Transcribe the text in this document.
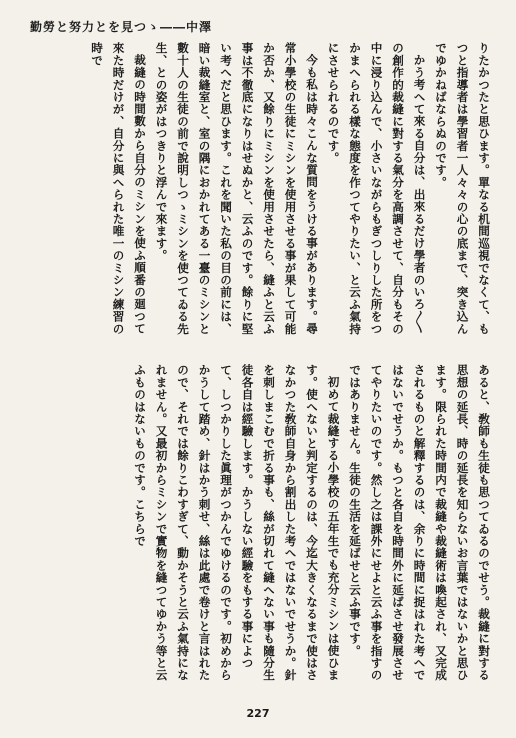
勤勞と努力とを見つゝ――中澤

りたかつたと思ひます。單なる机間巡視でなくて、もつと指導者は學習者一人々々の心の底まで、突き込んでゆかねばならぬのです。

かう考へて來る自分は、出來るだけ學者のいろ〳〵の創作的裁縫に對する氣分を高調させて、自分もその中に浸り込んで、小さいながらもぎつしりした所をつかまへられる樣な態度を作つてやりたい、と云ふ氣持にさせられるのです。

今も私は時々こんな質問をうける事があります。尋常小學校の生徒にミシンを使用させる事が果して可能か否か、又餘りにミシンを使用させたら、縫ふと云ふ事は不徹底になりはせぬかと、云ふのです。餘りに堅い考へだと思ひます。これを聞いた私の目の前には、暗い裁縫室と、室の隅におかれてある一臺のミシンと數十人の生徒の前で說明しつゝミシンを使つてゐる先生、との姿がはつきりと浮んで來ます。

裁縫の時間數から自分のミシンを使ふ順番の廻つて來た時だけが、自分に與へられた唯一のミシン練習の時で

あると、敎師も生徒も思つてゐるのでせう。裁縫に對する思想の延長、時の延長を知らないお言葉ではないかと思ひます。限られた時間内で裁縫や裁縫術は喚起され、又完成されるものと解釋するのは、余りに時間に捉はれた考へではないでせうか。もつと各自を時間外に延ばさせ發展させてやりたいのです。然し之は課外にせよと云ふ事を指すのではありません。生徒の生活を延ばせと云ふ事です。

初めて裁縫する小學校の五年生でも充分ミシンは使ひます。使へないと判定するのは、今迄大きくなるまで使はさなかつた敎師自身から割出した考へではないでせうか。針を刺しまこむで折る事も、絲が切れて縫へない事も隨分生徒各自は經驗します。かうしない經驗をもする事によつて、しつかりした眞理がつかんでゆけるのです。初めからかうして踏め、針はかう刺せ、絲は此處で卷けと言はれたので、それでは餘りこわすぎて、動かそうと云ふ氣持になれません。又最初からミシンで實物を縫つてゆかう等と云ふものはないものです。こちらで

227
